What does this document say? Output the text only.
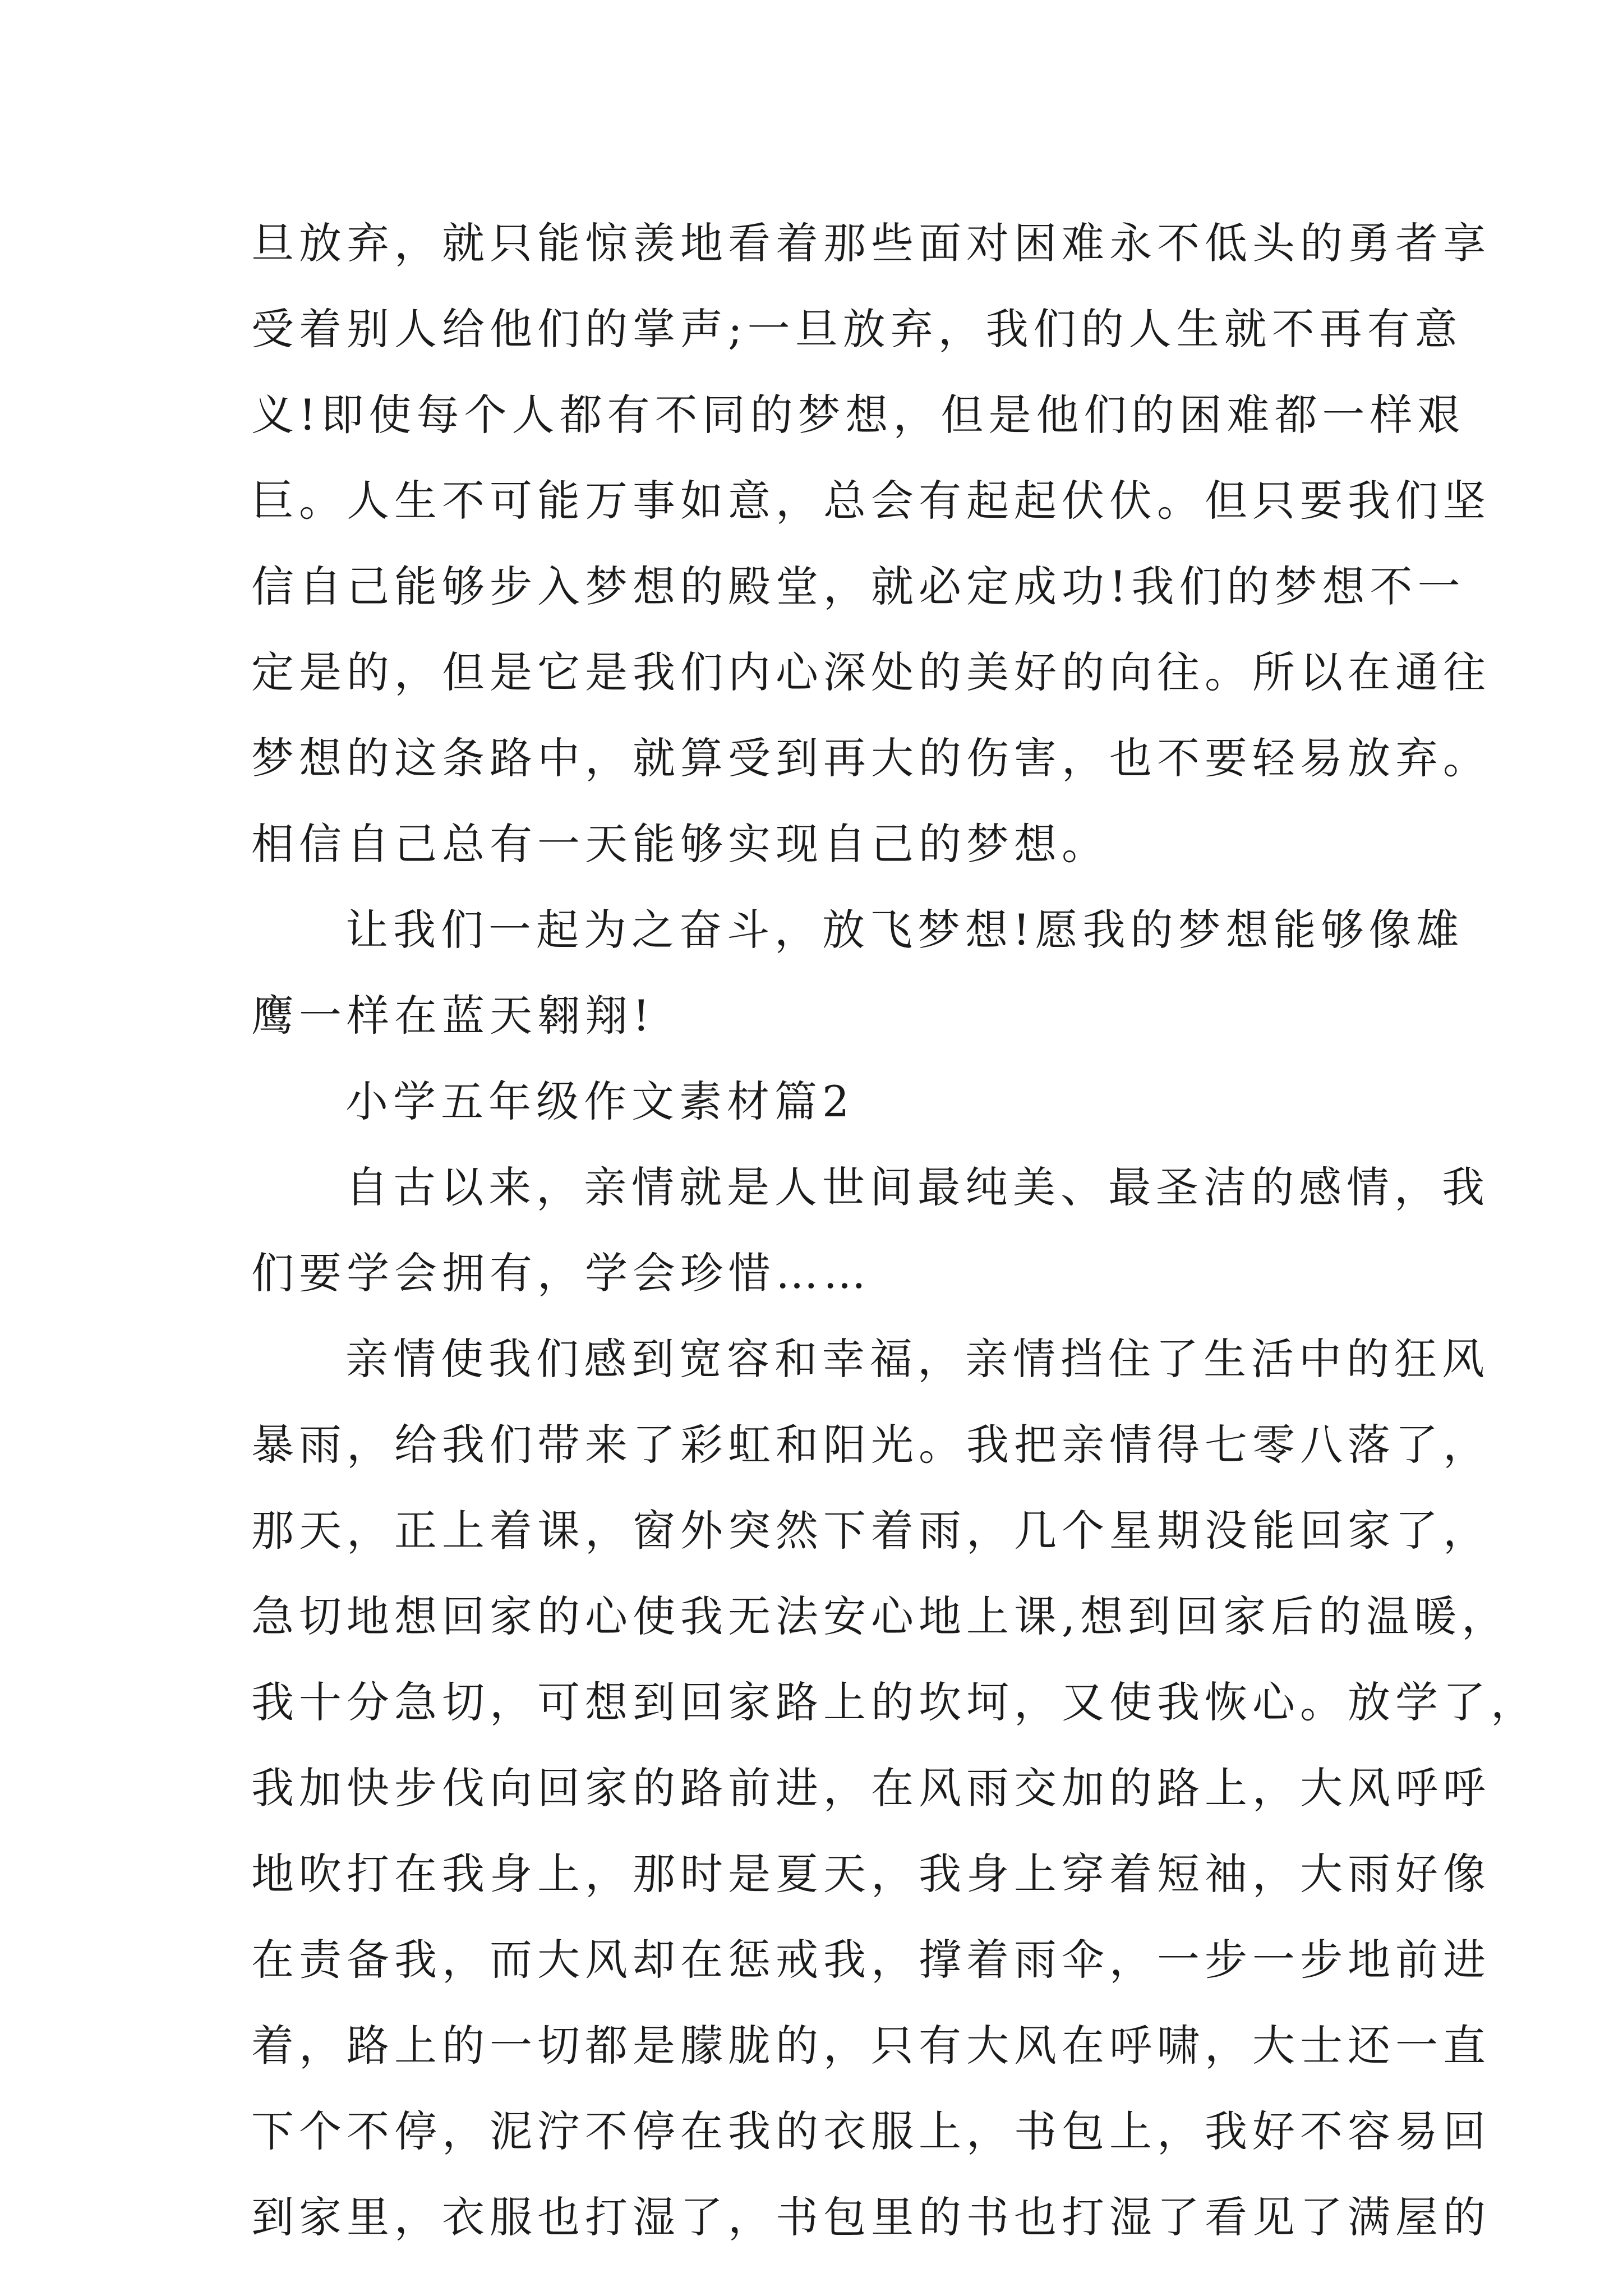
旦放弃，就只能惊羡地看着那些面对困难永不低头的勇者享
受着别人给他们的掌声;一旦放弃，我们的人生就不再有意
义!即使每个人都有不同的梦想，但是他们的困难都一样艰
巨。人生不可能万事如意，总会有起起伏伏。但只要我们坚
信自己能够步入梦想的殿堂，就必定成功!我们的梦想不一
定是的，但是它是我们内心深处的美好的向往。所以在通往
梦想的这条路中，就算受到再大的伤害，也不要轻易放弃。
相信自己总有一天能够实现自己的梦想。
让我们一起为之奋斗，放飞梦想!愿我的梦想能够像雄
鹰一样在蓝天翱翔!
小学五年级作文素材篇2
自古以来，亲情就是人世间最纯美、最圣洁的感情，我
们要学会拥有，学会珍惜……
亲情使我们感到宽容和幸福，亲情挡住了生活中的狂风
暴雨，给我们带来了彩虹和阳光。我把亲情得七零八落了，
那天，正上着课，窗外突然下着雨，几个星期没能回家了，
急切地想回家的心使我无法安心地上课,想到回家后的温暖，
我十分急切，可想到回家路上的坎坷，又使我恢心。放学了，
我加快步伐向回家的路前进，在风雨交加的路上，大风呼呼
地吹打在我身上，那时是夏天，我身上穿着短袖，大雨好像
在责备我，而大风却在惩戒我，撑着雨伞，一步一步地前进
着，路上的一切都是朦胧的，只有大风在呼啸，大士还一直
下个不停，泥泞不停在我的衣服上，书包上，我好不容易回
到家里，衣服也打湿了，书包里的书也打湿了看见了满屋的
